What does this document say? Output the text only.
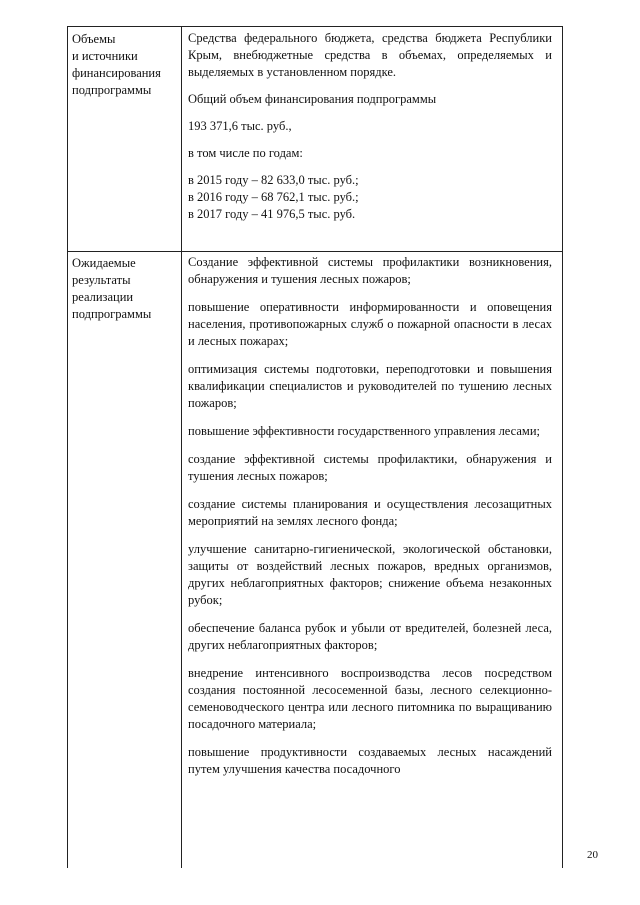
Объемы
и источники
финансирования
подпрограммы

Средства федерального бюджета, средства бюджета Республики Крым, внебюджетные средства в объемах, определяемых и выделяемых в установленном порядке.

Общий объем финансирования подпрограммы

193 371,6 тыс. руб.,

в том числе по годам:

в 2015 году – 82 633,0 тыс. руб.;

в 2016 году – 68 762,1 тыс. руб.;

в 2017 году – 41 976,5 тыс. руб.

Ожидаемые
результаты
реализации
подпрограммы

Создание эффективной системы профилактики возникновения, обнаружения и тушения лесных пожаров;

повышение оперативности информированности и оповещения населения, противопожарных служб о пожарной опасности в лесах и лесных пожарах;

оптимизация системы подготовки, переподготовки и повышения квалификации специалистов и руководителей по тушению лесных пожаров;

повышение эффективности государственного управления лесами;

создание эффективной системы профилактики, обнаружения и тушения лесных пожаров;

создание системы планирования и осуществления лесозащитных мероприятий на землях лесного фонда;

улучшение санитарно-гигиенической, экологической обстановки, защиты от воздействий лесных пожаров, вредных организмов, других неблагоприятных факторов; снижение объема незаконных рубок;

обеспечение баланса рубок и убыли от вредителей, болезней леса, других неблагоприятных факторов;

внедрение интенсивного воспроизводства лесов посредством создания постоянной лесосеменной базы, лесного селекционно-семеноводческого центра или лесного питомника по выращиванию посадочного материала;

повышение продуктивности создаваемых лесных насаждений путем улучшения качества посадочного

20
